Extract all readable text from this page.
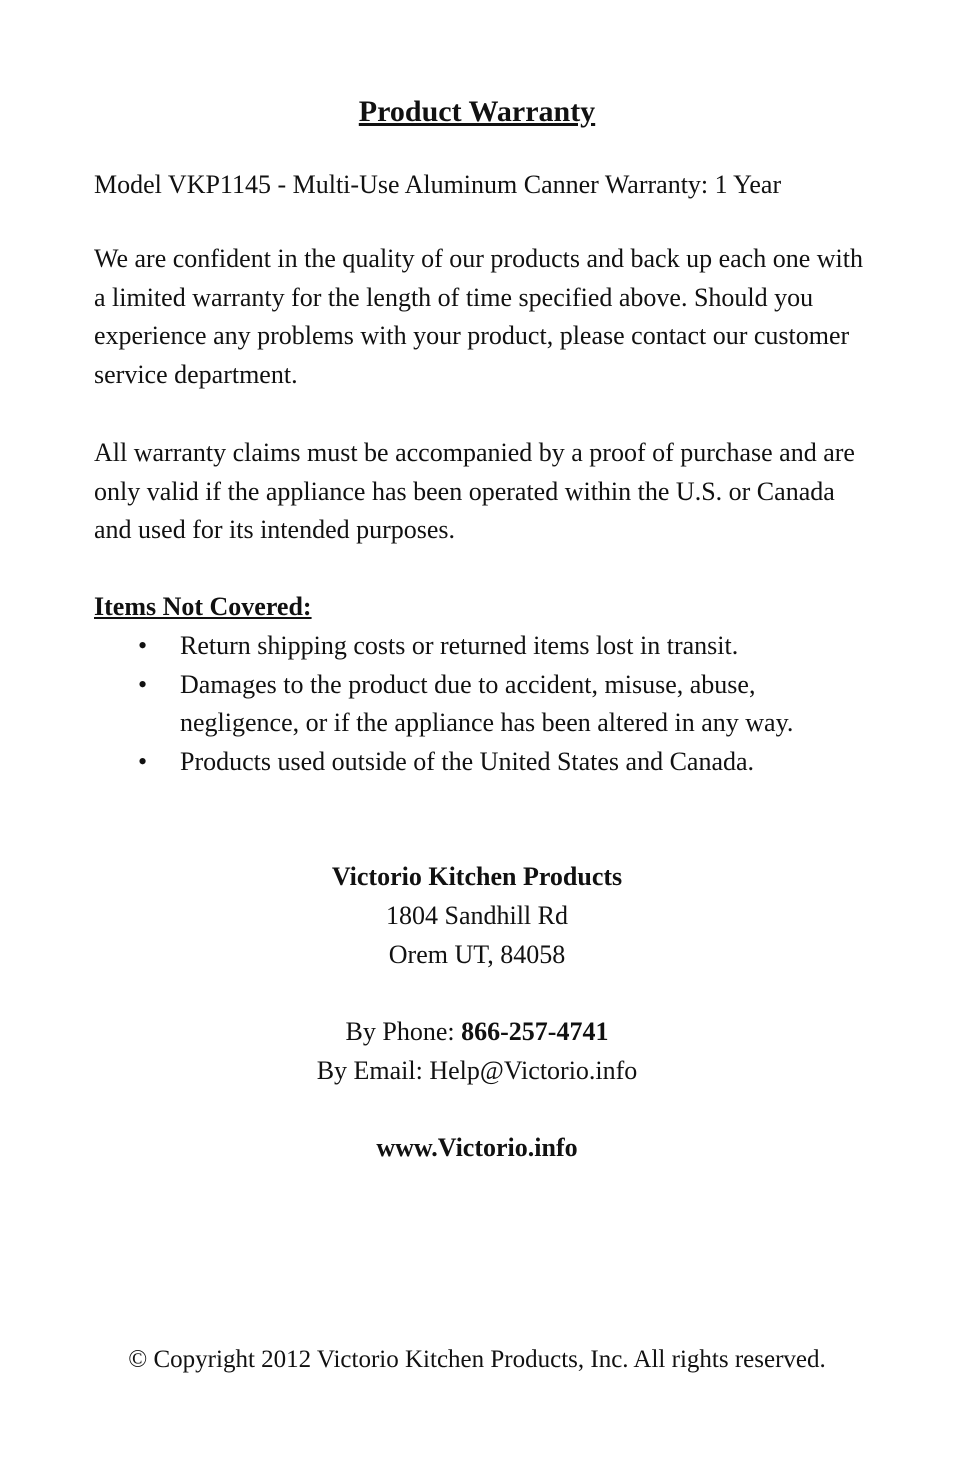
Product Warranty

Model VKP1145 - Multi-Use Aluminum Canner Warranty: 1 Year

We are confident in the quality of our products and back up each one with a limited warranty for the length of time specified above. Should you experience any problems with your product, please contact our customer service department.

All warranty claims must be accompanied by a proof of purchase and are only valid if the appliance has been operated within the U.S. or Canada and used for its intended purposes.

Items Not Covered:

• Return shipping costs or returned items lost in transit.
• Damages to the product due to accident, misuse, abuse, negligence, or if the appliance has been altered in any way.
• Products used outside of the United States and Canada.

Victorio Kitchen Products

1804 Sandhill Rd

Orem UT, 84058

By Phone: 866-257-4741

By Email: Help@Victorio.info

www.Victorio.info

© Copyright 2012 Victorio Kitchen Products, Inc. All rights reserved.
